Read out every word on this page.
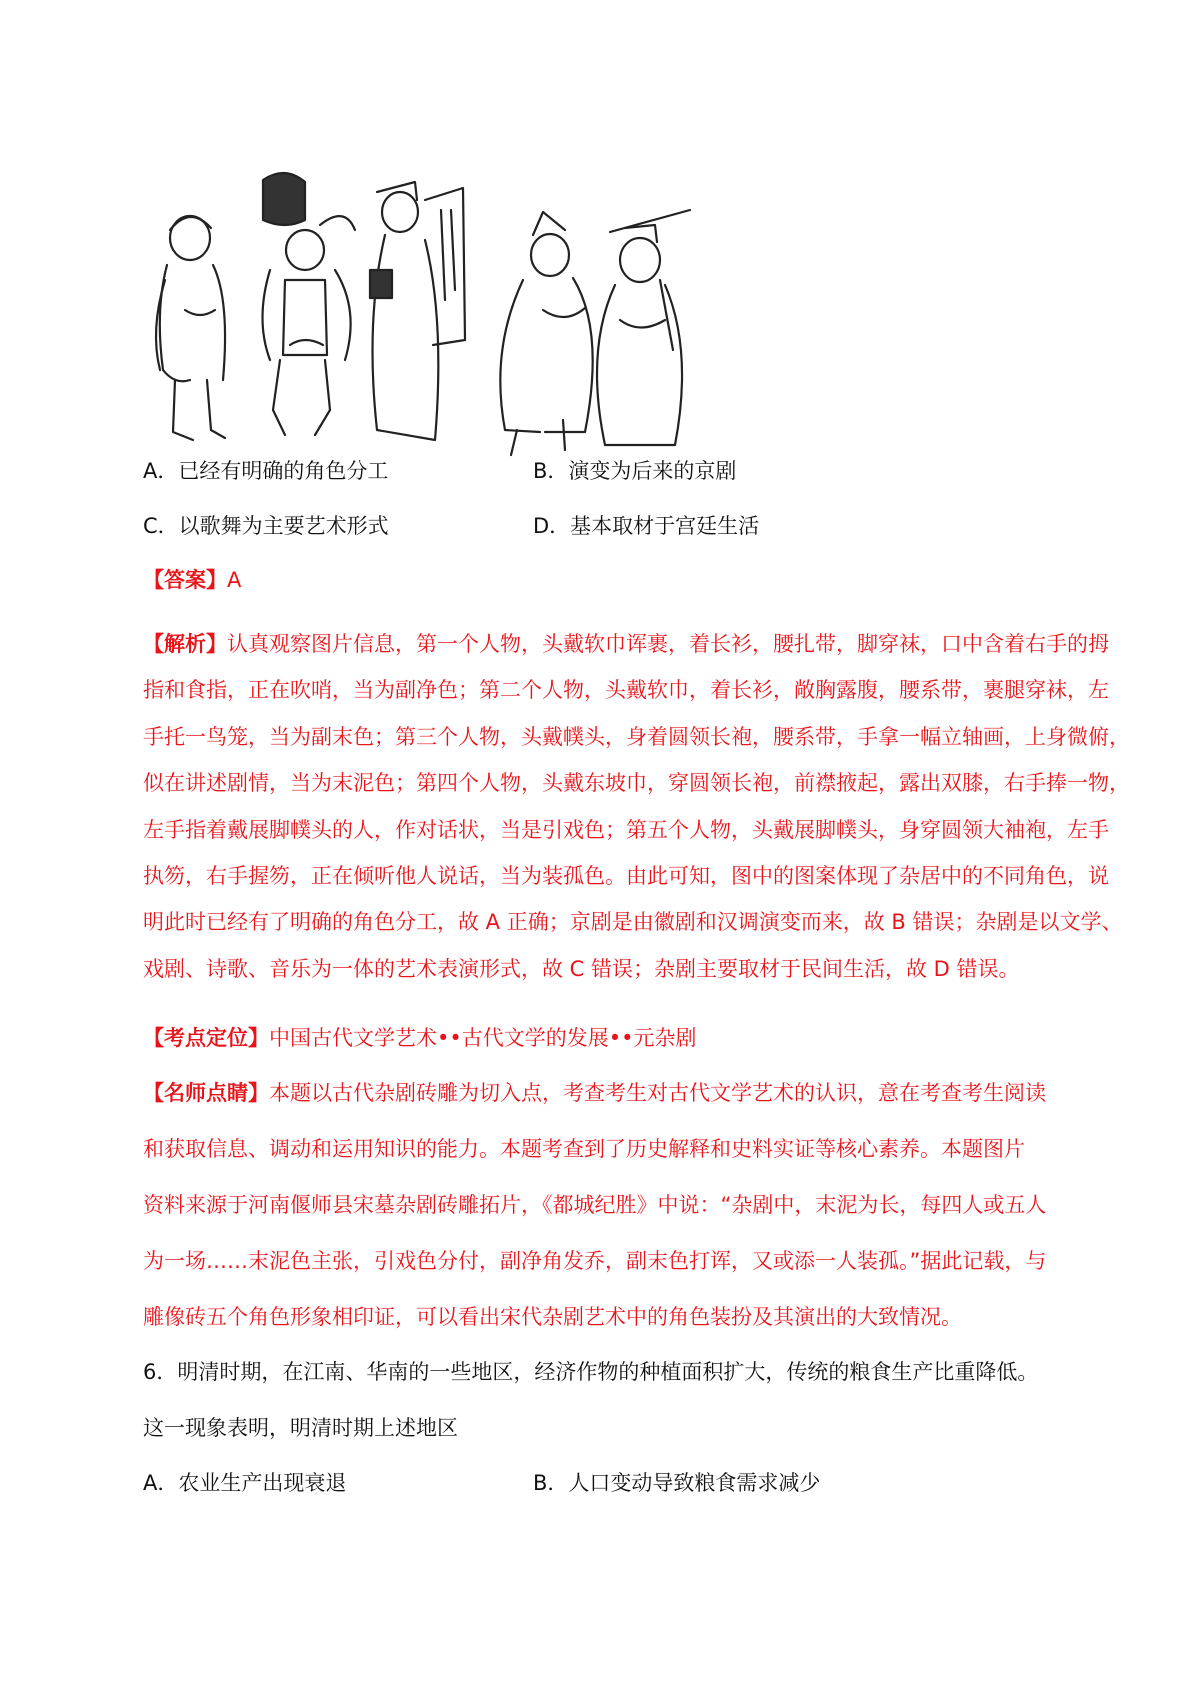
A．已经有明确的角色分工	B．演变为后来的京剧
C．以歌舞为主要艺术形式	D．基本取材于宫廷生活
【答案】A
【解析】认真观察图片信息，第一个人物，头戴软巾诨裹，着长衫，腰扎带，脚穿袜，口中含着右手的拇
指和食指，正在吹哨，当为副净色；第二个人物，头戴软巾，着长衫，敞胸露腹，腰系带，裹腿穿袜，左
手托一鸟笼，当为副末色；第三个人物，头戴幞头，身着圆领长袍，腰系带，手拿一幅立轴画，上身微俯，
似在讲述剧情，当为末泥色；第四个人物，头戴东坡巾，穿圆领长袍，前襟掖起，露出双膝，右手捧一物，
左手指着戴展脚幞头的人，作对话状，当是引戏色；第五个人物，头戴展脚幞头，身穿圆领大袖袍，左手
执笏，右手握笏，正在倾听他人说话，当为装孤色。由此可知，图中的图案体现了杂居中的不同角色，说
明此时已经有了明确的角色分工，故 A 正确；京剧是由徽剧和汉调演变而来，故 B 错误；杂剧是以文学、
戏剧、诗歌、音乐为一体的艺术表演形式，故 C 错误；杂剧主要取材于民间生活，故 D 错误。
【考点定位】中国古代文学艺术••古代文学的发展••元杂剧
【名师点睛】本题以古代杂剧砖雕为切入点，考查考生对古代文学艺术的认识，意在考查考生阅读
和获取信息、调动和运用知识的能力。本题考查到了历史解释和史料实证等核心素养。本题图片
资料来源于河南偃师县宋墓杂剧砖雕拓片，《都城纪胜》中说：“杂剧中，末泥为长，每四人或五人
为一场……末泥色主张，引戏色分付，副净角发乔，副末色打诨，又或添一人装孤。”据此记载，与
雕像砖五个角色形象相印证，可以看出宋代杂剧艺术中的角色装扮及其演出的大致情况。
6．明清时期，在江南、华南的一些地区，经济作物的种植面积扩大，传统的粮食生产比重降低。
这一现象表明，明清时期上述地区
A．农业生产出现衰退	B．人口变动导致粮食需求减少
